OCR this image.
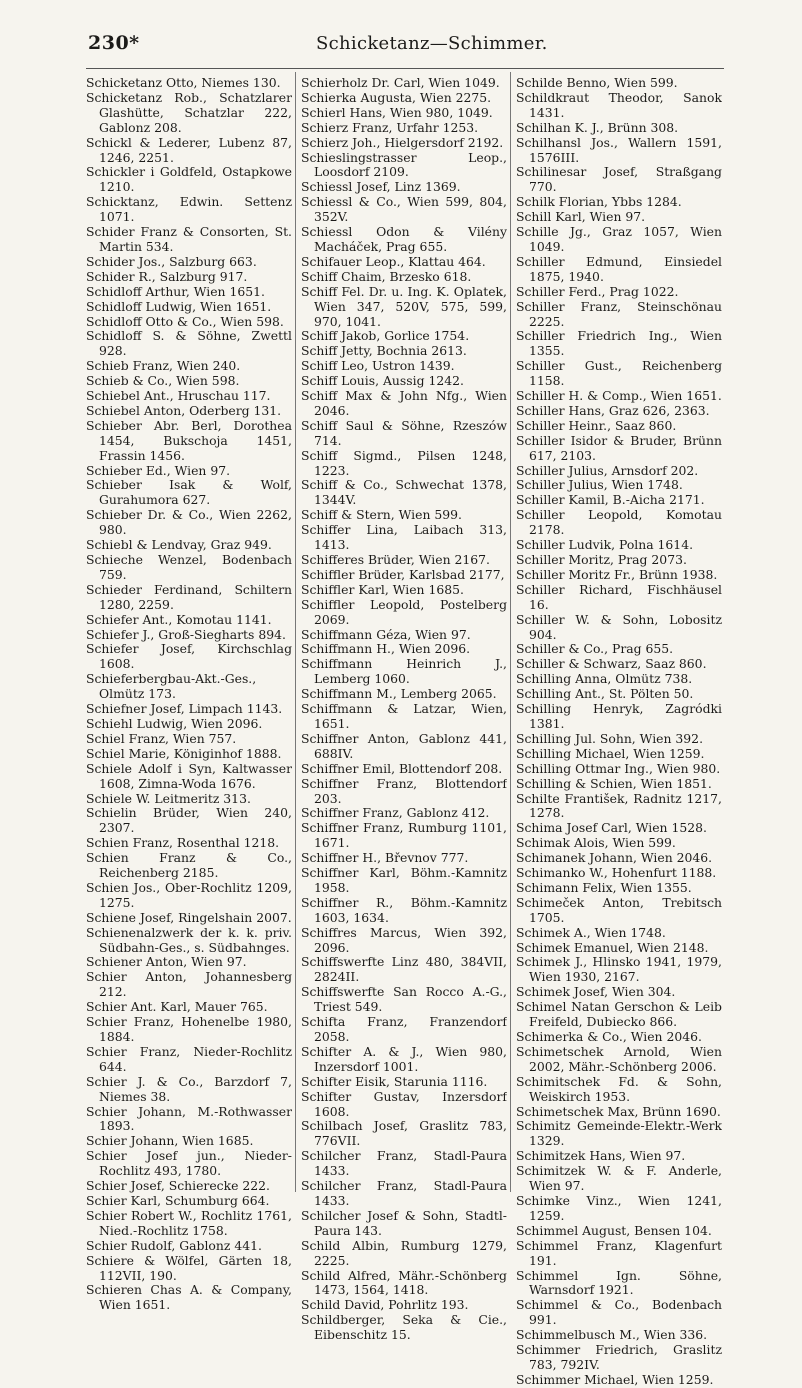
230*	Schicketanz—Schimmer.
Schicketanz Otto, Niemes 130.
Schicketanz Rob., Schatzlarer Glashütte, Schatzlar 222, Gablonz 208.
Schickl & Lederer, Lubenz 87, 1246, 2251.
Schickler i Goldfeld, Ostapkowe 1210.
Schicktanz, Edwin. Settenz 1071.
Schider Franz & Consorten, St. Martin 534.
Schider Jos., Salzburg 663.
Schider R., Salzburg 917.
Schidloff Arthur, Wien 1651.
Schidloff Ludwig, Wien 1651.
Schidloff Otto & Co., Wien 598.
Schidloff S. & Söhne, Zwettl 928.
Schieb Franz, Wien 240.
Schieb & Co., Wien 598.
Schiebel Ant., Hruschau 117.
Schiebel Anton, Oderberg 131.
Schieber Abr. Berl, Dorothea 1454, Bukschoja 1451, Frassin 1456.
Schieber Ed., Wien 97.
Schieber Isak & Wolf, Gurahumora 627.
Schieber Dr. & Co., Wien 2262, 980.
Schiebl & Lendvay, Graz 949.
Schieche Wenzel, Bodenbach 759.
Schieder Ferdinand, Schiltern 1280, 2259.
Schiefer Ant., Komotau 1141.
Schiefer J., Groß-Siegharts 894.
Schiefer Josef, Kirchschlag 1608.
Schieferbergbau-Akt.-Ges., Olmütz 173.
Schiefner Josef, Limpach 1143.
Schiehl Ludwig, Wien 2096.
Schiel Franz, Wien 757.
Schiel Marie, Königinhof 1888.
Schiele Adolf i Syn, Kaltwasser 1608, Zimna-Woda 1676.
Schiele W. Leitmeritz 313.
Schielin Brüder, Wien 240, 2307.
Schien Franz, Rosenthal 1218.
Schien Franz & Co., Reichenberg 2185.
Schien Jos., Ober-Rochlitz 1209, 1275.
Schiene Josef, Ringelshain 2007.
Schienenalzwerk der k. k. priv. Südbahn-Ges., s. Südbahnges.
Schiener Anton, Wien 97.
Schier Anton, Johannesberg 212.
Schier Ant. Karl, Mauer 765.
Schier Franz, Hohenelbe 1980, 1884.
Schier Franz, Nieder-Rochlitz 644.
Schier J. & Co., Barzdorf 7, Niemes 38.
Schier Johann, M.-Rothwasser 1893.
Schier Johann, Wien 1685.
Schier Josef jun., Nieder-Rochlitz 493, 1780.
Schier Josef, Schierecke 222.
Schier Karl, Schumburg 664.
Schier Robert W., Rochlitz 1761, Nied.-Rochlitz 1758.
Schier Rudolf, Gablonz 441.
Schiere & Wölfel, Gärten 18, 112VII, 190.
Schieren Chas A. & Company, Wien 1651.
Schierholz Dr. Carl, Wien 1049.
Schierka Augusta, Wien 2275.
Schierl Hans, Wien 980, 1049.
Schierz Franz, Urfahr 1253.
Schierz Joh., Hielgersdorf 2192.
Schieslingstrasser Leop., Loosdorf 2109.
Schiessl Josef, Linz 1369.
Schiessl & Co., Wien 599, 804, 352V.
Schiessl Odon & Vilény Macháček, Prag 655.
Schifauer Leop., Klattau 464.
Schiff Chaim, Brzesko 618.
Schiff Fel. Dr. u. Ing. K. Oplatek, Wien 347, 520V, 575, 599, 970, 1041.
Schiff Jakob, Gorlice 1754.
Schiff Jetty, Bochnia 2613.
Schiff Leo, Ustron 1439.
Schiff Louis, Aussig 1242.
Schiff Max & John Nfg., Wien 2046.
Schiff Saul & Söhne, Rzeszów 714.
Schiff Sigmd., Pilsen 1248, 1223.
Schiff & Co., Schwechat 1378, 1344V.
Schiff & Stern, Wien 599.
Schiffer Lina, Laibach 313, 1413.
Schifferes Brüder, Wien 2167.
Schiffler Brüder, Karlsbad 2177,
Schiffler Karl, Wien 1685.
Schiffler Leopold, Postelberg 2069.
Schiffmann Géza, Wien 97.
Schiffmann H., Wien 2096.
Schiffmann Heinrich J., Lemberg 1060.
Schiffmann M., Lemberg 2065.
Schiffmann & Latzar, Wien, 1651.
Schiffner Anton, Gablonz 441, 688IV.
Schiffner Emil, Blottendorf 208.
Schiffner Franz, Blottendorf 203.
Schiffner Franz, Gablonz 412.
Schiffner Franz, Rumburg 1101, 1671.
Schiffner H., Břevnov 777.
Schiffner Karl, Böhm.-Kamnitz 1958.
Schiffner R., Böhm.-Kamnitz 1603, 1634.
Schiffres Marcus, Wien 392, 2096.
Schiffswerfte Linz 480, 384VII, 2824II.
Schiffswerfte San Rocco A.-G., Triest 549.
Schifta Franz, Franzendorf 2058.
Schifter A. & J., Wien 980, Inzersdorf 1001.
Schifter Eisik, Starunia 1116.
Schifter Gustav, Inzersdorf 1608.
Schilbach Josef, Graslitz 783, 776VII.
Schilcher Franz, Stadl-Paura 1433.
Schilcher Franz, Stadl-Paura 1433.
Schilcher Josef & Sohn, Stadtl-Paura 143.
Schild Albin, Rumburg 1279, 2225.
Schild Alfred, Mähr.-Schönberg 1473, 1564, 1418.
Schild David, Pohrlitz 193.
Schildberger, Seka & Cie., Eibenschitz 15.
Schilde Benno, Wien 599.
Schildkraut Theodor, Sanok 1431.
Schilhan K. J., Brünn 308.
Schilhansl Jos., Wallern 1591, 1576III.
Schilinesar Josef, Straßgang 770.
Schilk Florian, Ybbs 1284.
Schill Karl, Wien 97.
Schille Jg., Graz 1057, Wien 1049.
Schiller Edmund, Einsiedel 1875, 1940.
Schiller Ferd., Prag 1022.
Schiller Franz, Steinschönau 2225.
Schiller Friedrich Ing., Wien 1355.
Schiller Gust., Reichenberg 1158.
Schiller H. & Comp., Wien 1651.
Schiller Hans, Graz 626, 2363.
Schiller Heinr., Saaz 860.
Schiller Isidor & Bruder, Brünn 617, 2103.
Schiller Julius, Arnsdorf 202.
Schiller Julius, Wien 1748.
Schiller Kamil, B.-Aicha 2171.
Schiller Leopold, Komotau 2178.
Schiller Ludvik, Polna 1614.
Schiller Moritz, Prag 2073.
Schiller Moritz Fr., Brünn 1938.
Schiller Richard, Fischhäusel 16.
Schiller W. & Sohn, Lobositz 904.
Schiller & Co., Prag 655.
Schiller & Schwarz, Saaz 860.
Schilling Anna, Olmütz 738.
Schilling Ant., St. Pölten 50.
Schilling Henryk, Zagródki 1381.
Schilling Jul. Sohn, Wien 392.
Schilling Michael, Wien 1259.
Schilling Ottmar Ing., Wien 980.
Schilling & Schien, Wien 1851.
Schilte František, Radnitz 1217, 1278.
Schima Josef Carl, Wien 1528.
Schimak Alois, Wien 599.
Schimanek Johann, Wien 2046.
Schimanko W., Hohenfurt 1188.
Schimann Felix, Wien 1355.
Schimeček Anton, Trebitsch 1705.
Schimek A., Wien 1748.
Schimek Emanuel, Wien 2148.
Schimek J., Hlinsko 1941, 1979, Wien 1930, 2167.
Schimek Josef, Wien 304.
Schimel Natan Gerschon & Leib Freifeld, Dubiecko 866.
Schimerka & Co., Wien 2046.
Schimetschek Arnold, Wien 2002, Mähr.-Schönberg 2006.
Schimitschek Fd. & Sohn, Weiskirch 1953.
Schimetschek Max, Brünn 1690.
Schimitz Gemeinde-Elektr.-Werk 1329.
Schimitzek Hans, Wien 97.
Schimitzek W. & F. Anderle, Wien 97.
Schimke Vinz., Wien 1241, 1259.
Schimmel August, Bensen 104.
Schimmel Franz, Klagenfurt 191.
Schimmel Ign. Söhne, Warnsdorf 1921.
Schimmel & Co., Bodenbach 991.
Schimmelbusch M., Wien 336.
Schimmer Friedrich, Graslitz 783, 792IV.
Schimmer Michael, Wien 1259.
